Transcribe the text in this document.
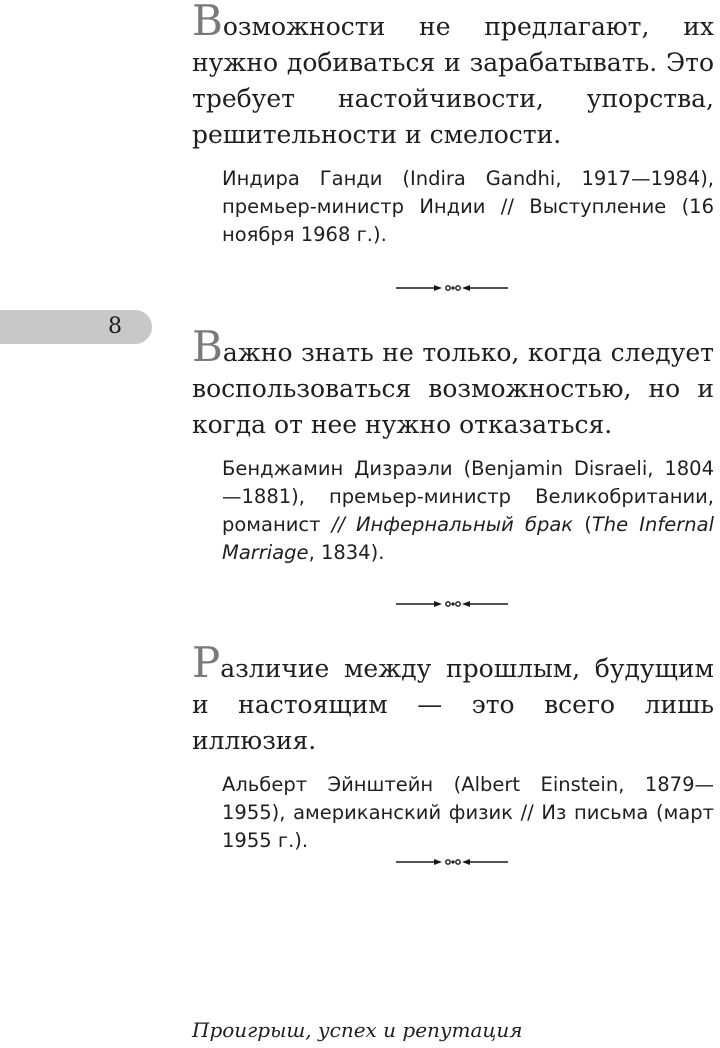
8

Возможности не предлагают, их нужно добиваться и зарабатывать. Это требует настойчивости, упорства, решительности и смелости.

Индира Ганди (Indira Gandhi, 1917—1984), премьер-министр Индии // Выступление (16 ноября 1968 г.).

Важно знать не только, когда следует воспользоваться возможностью, но и когда от нее нужно отказаться.

Бенджамин Дизраэли (Benjamin Disraeli, 1804—1881), премьер-министр Великобритании, романист // Инфернальный брак (The Infernal Marriage, 1834).

Различие между прошлым, будущим и настоящим — это всего лишь иллюзия.

Альберт Эйнштейн (Albert Einstein, 1879—1955), американский физик // Из письма (март 1955 г.).

Проигрыш, успех и репутация
